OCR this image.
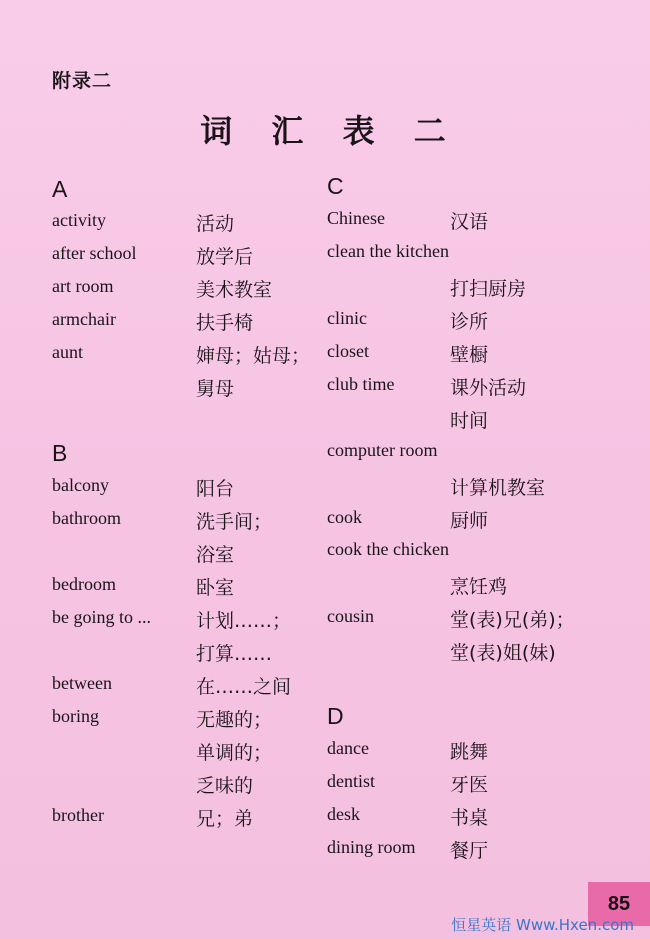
附录二
词 汇 表 二
A
activity	活动
after school	放学后
art room	美术教室
armchair	扶手椅
aunt	婶母；姑母；
舅母
B
balcony	阳台
bathroom	洗手间；
浴室
bedroom	卧室
be going to ... 计划……；
打算……
between	在……之间
boring	无趣的；
单调的；
乏味的
brother	兄；弟
C
Chinese	汉语
clean the kitchen
打扫厨房
clinic	诊所
closet	壁橱
club time	课外活动
时间
computer room
计算机教室
cook	厨师
cook the chicken
烹饪鸡
cousin	堂(表)兄(弟)；
堂(表)姐(妹)
D
dance	跳舞
dentist	牙医
desk	书桌
dining room 餐厅
85
恒星英语 Www.Hxen.com
